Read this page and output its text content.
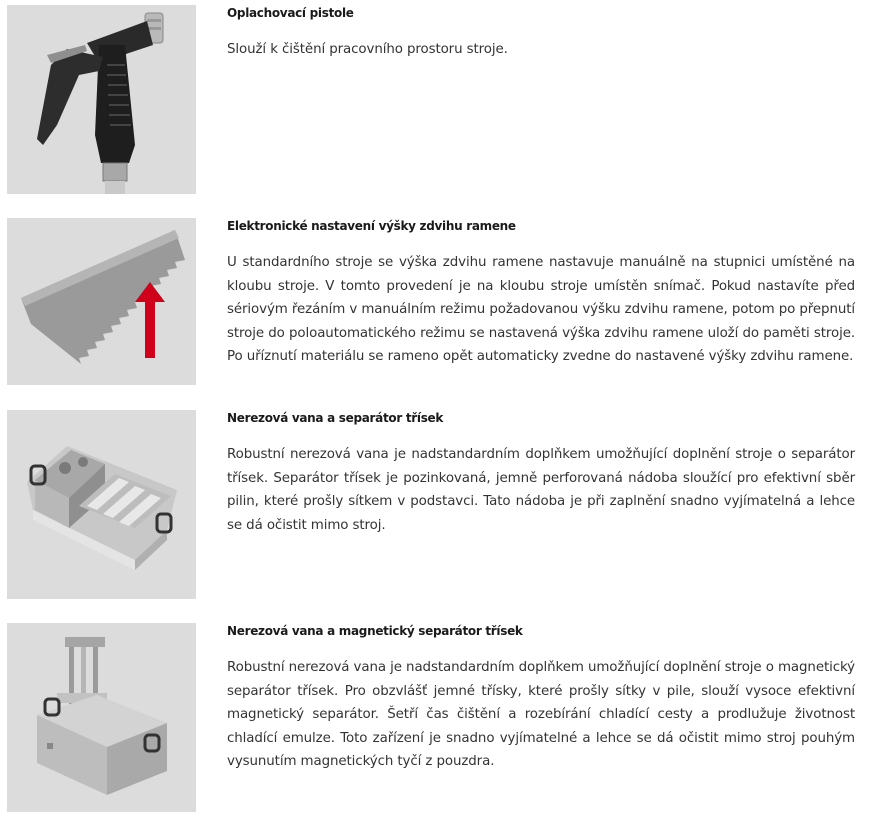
Oplachovací pistole

Slouží k čištění pracovního prostoru stroje.

Elektronické nastavení výšky zdvihu ramene

U standardního stroje se výška zdvihu ramene nastavuje manuálně na stupnici umístěné na kloubu stroje. V tomto provedení je na kloubu stroje umístěn snímač. Pokud nastavíte před sériovým řezáním v manuálním režimu požadovanou výšku zdvihu ramene, potom po přepnutí stroje do poloautomatického režimu se nastavená výška zdvihu ramene uloží do paměti stroje. Po uříznutí materiálu se rameno opět automaticky zvedne do nastavené výšky zdvihu ramene.

Nerezová vana a separátor třísek

Robustní nerezová vana je nadstandardním doplňkem umožňující doplnění stroje o separátor třísek. Separátor třísek je pozinkovaná, jemně perforovaná nádoba sloužící pro efektivní sběr pilin, které prošly sítkem v podstavci. Tato nádoba je při zaplnění snadno vyjímatelná a lehce se dá očistit mimo stroj.

Nerezová vana a magnetický separátor třísek

Robustní nerezová vana je nadstandardním doplňkem umožňující doplnění stroje o magnetický separátor třísek. Pro obzvlášť jemné třísky, které prošly sítky v pile, slouží vysoce efektivní magnetický separátor. Šetří čas čištění a rozebírání chladící cesty a prodlužuje životnost chladící emulze. Toto zařízení je snadno vyjímatelné a lehce se dá očistit mimo stroj pouhým vysunutím magnetických tyčí z pouzdra.
